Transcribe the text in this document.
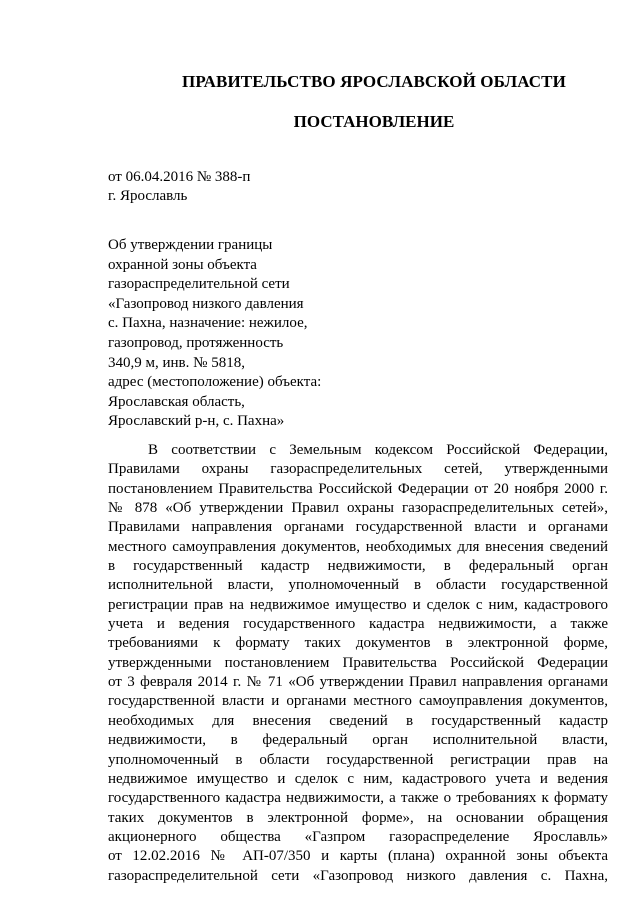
ПРАВИТЕЛЬСТВО ЯРОСЛАВСКОЙ ОБЛАСТИ
ПОСТАНОВЛЕНИЕ
от 06.04.2016 № 388-п
г. Ярославль
Об утверждении границы
охранной зоны объекта
газораспределительной сети
«Газопровод низкого давления
с. Пахна, назначение: нежилое,
газопровод, протяженность
340,9 м, инв. № 5818,
адрес (местоположение) объекта:
Ярославская область,
Ярославский р-н, с. Пахна»
В соответствии с Земельным кодексом Российской Федерации,
Правилами охраны газораспределительных сетей, утвержденными
постановлением Правительства Российской Федерации от 20 ноября 2000 г.
№ 878 «Об утверждении Правил охраны газораспределительных сетей»,
Правилами направления органами государственной власти и органами
местного самоуправления документов, необходимых для внесения сведений
в государственный кадастр недвижимости, в федеральный орган
исполнительной власти, уполномоченный в области государственной
регистрации прав на недвижимое имущество и сделок с ним, кадастрового
учета и ведения государственного кадастра недвижимости, а также
требованиями к формату таких документов в электронной форме,
утвержденными постановлением Правительства Российской Федерации
от 3 февраля 2014 г. № 71 «Об утверждении Правил направления органами
государственной власти и органами местного самоуправления документов,
необходимых для внесения сведений в государственный кадастр
недвижимости, в федеральный орган исполнительной власти,
уполномоченный в области государственной регистрации прав на
недвижимое имущество и сделок с ним, кадастрового учета и ведения
государственного кадастра недвижимости, а также о требованиях к формату
таких документов в электронной форме», на основании обращения
акционерного общества «Газпром газораспределение Ярославль»
от 12.02.2016 № АП-07/350 и карты (плана) охранной зоны объекта
газораспределительной сети «Газопровод низкого давления с. Пахна,
